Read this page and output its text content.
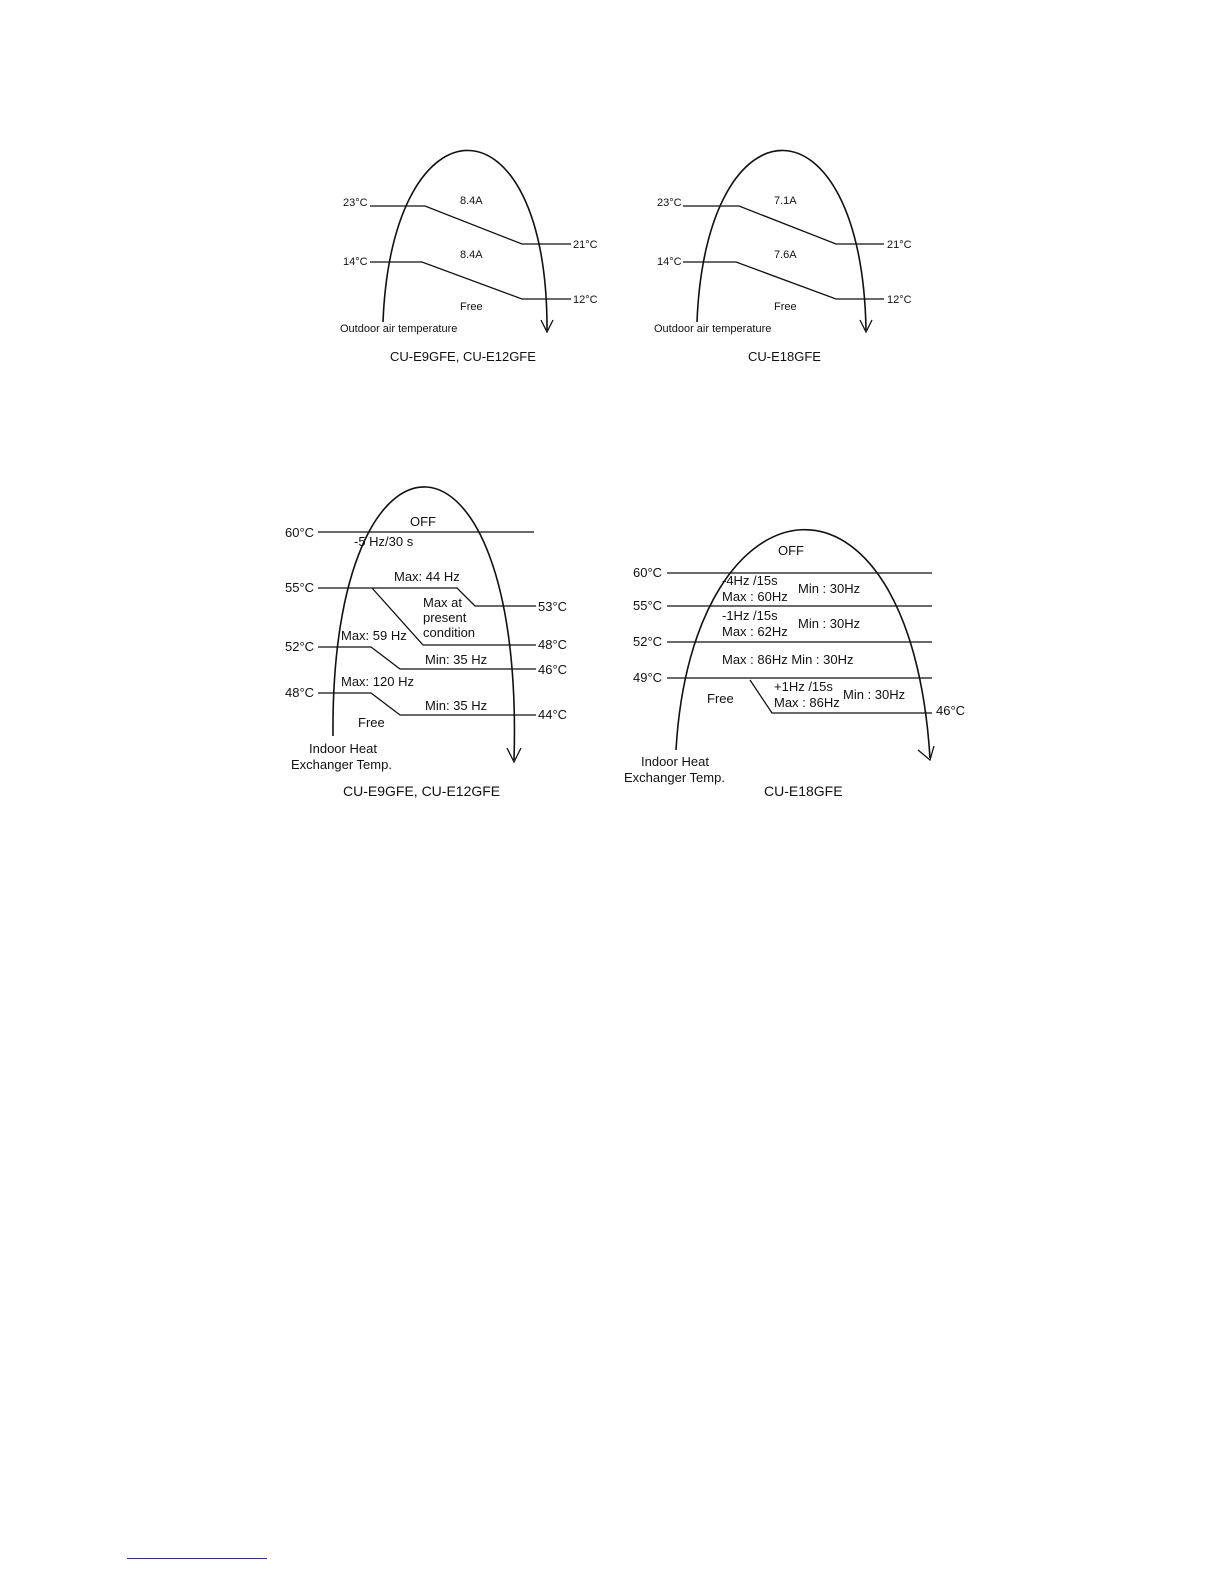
23°C
14°C
21°C
12°C
8.4A
8.4A
Free
Outdoor air temperature
CU-E9GFE, CU-E12GFE
23°C
14°C
21°C
12°C
7.1A
7.6A
Free
Outdoor air temperature
CU-E18GFE
60°C
55°C
52°C
48°C
53°C
48°C
46°C
44°C
OFF
-5 Hz/30 s
Max: 44 Hz
Max at
present
condition
Max: 59 Hz
Min: 35 Hz
Max: 120 Hz
Free
Min: 35 Hz
Indoor Heat
Exchanger Temp.
CU-E9GFE, CU-E12GFE
60°C
55°C
52°C
49°C
46°C
OFF
-4Hz /15s
Max : 60Hz
Min : 30Hz
-1Hz /15s
Max : 62Hz
Min : 30Hz
Max : 86Hz Min : 30Hz
Free
+1Hz /15s
Max : 86Hz
Min : 30Hz
Indoor Heat
Exchanger Temp.
CU-E18GFE
